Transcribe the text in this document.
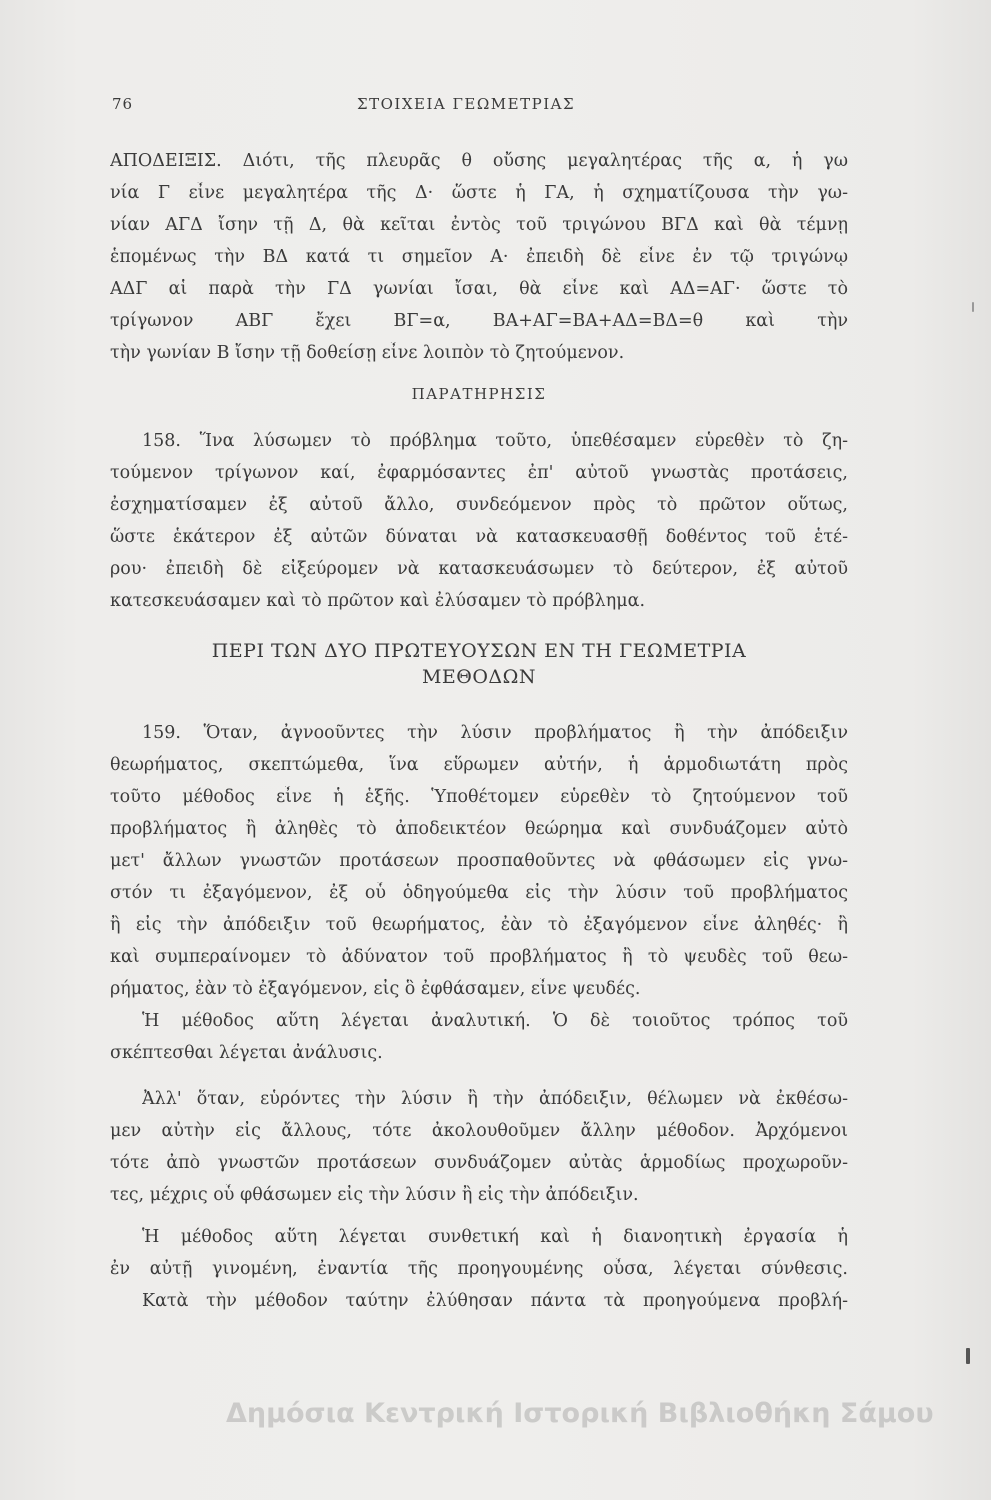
76	ΣΤΟΙΧΕΙΑ ΓΕΩΜΕΤΡΙΑΣ
ΑΠΟΔΕΙΞΙΣ. Διότι, τῆς πλευρᾶς θ οὔσης μεγαλητέρας τῆς α, ἡ γω
νία Γ εἶνε μεγαλητέρα τῆς Δ· ὥστε ἡ ΓΑ, ἡ σχηματίζουσα τὴν γω-
νίαν ΑΓΔ ἴσην τῇ Δ, θὰ κεῖται ἐντὸς τοῦ τριγώνου ΒΓΔ καὶ θὰ τέμνῃ
ἑπομένως τὴν ΒΔ κατά τι σημεῖον Α· ἐπειδὴ δὲ εἶνε ἐν τῷ τριγώνῳ
ΑΔΓ αἱ παρὰ τὴν ΓΔ γωνίαι ἴσαι, θὰ εἶνε καὶ ΑΔ=ΑΓ· ὥστε τὸ
τρίγωνον ΑΒΓ ἔχει ΒΓ=α, ΒΑ+ΑΓ=ΒΑ+ΑΔ=ΒΔ=θ καὶ τὴν
τὴν γωνίαν Β ἴσην τῇ δοθείσῃ εἶνε λοιπὸν τὸ ζητούμενον.
ΠΑΡΑΤΗΡΗΣΙΣ
158. Ἵνα λύσωμεν τὸ πρόβλημα τοῦτο, ὑπεθέσαμεν εὑρεθὲν τὸ ζη-
τούμενον τρίγωνον καί, ἐφαρμόσαντες ἐπ' αὐτοῦ γνωστὰς προτάσεις,
ἐσχηματίσαμεν ἐξ αὐτοῦ ἄλλο, συνδεόμενον πρὸς τὸ πρῶτον οὕτως,
ὥστε ἑκάτερον ἐξ αὐτῶν δύναται νὰ κατασκευασθῇ δοθέντος τοῦ ἑτέ-
ρου· ἐπειδὴ δὲ εἰξεύρομεν νὰ κατασκευάσωμεν τὸ δεύτερον, ἐξ αὐτοῦ
κατεσκευάσαμεν καὶ τὸ πρῶτον καὶ ἐλύσαμεν τὸ πρόβλημα.
ΠΕΡΙ ΤΩΝ ΔΥΟ ΠΡΩΤΕΥΟΥΣΩΝ ΕΝ ΤΗ ΓΕΩΜΕΤΡΙΑ
ΜΕΘΟΔΩΝ
159. Ὅταν, ἀγνοοῦντες τὴν λύσιν προβλήματος ἢ τὴν ἀπόδειξιν
θεωρήματος, σκεπτώμεθα, ἵνα εὕρωμεν αὐτήν, ἡ ἁρμοδιωτάτη πρὸς
τοῦτο μέθοδος εἶνε ἡ ἑξῆς. Ὑποθέτομεν εὑρεθὲν τὸ ζητούμενον τοῦ
προβλήματος ἢ ἀληθὲς τὸ ἀποδεικτέον θεώρημα καὶ συνδυάζομεν αὐτὸ
μετ' ἄλλων γνωστῶν προτάσεων προσπαθοῦντες νὰ φθάσωμεν εἰς γνω-
στόν τι ἐξαγόμενον, ἐξ οὗ ὁδηγούμεθα εἰς τὴν λύσιν τοῦ προβλήματος
ἢ εἰς τὴν ἀπόδειξιν τοῦ θεωρήματος, ἐὰν τὸ ἐξαγόμενον εἶνε ἀληθές· ἢ
καὶ συμπεραίνομεν τὸ ἀδύνατον τοῦ προβλήματος ἢ τὸ ψευδὲς τοῦ θεω-
ρήματος, ἐὰν τὸ ἐξαγόμενον, εἰς ὃ ἐφθάσαμεν, εἶνε ψευδές.
Ἡ μέθοδος αὕτη λέγεται ἀναλυτική. Ὁ δὲ τοιοῦτος τρόπος τοῦ
σκέπτεσθαι λέγεται ἀνάλυσις.
Ἀλλ' ὅταν, εὑρόντες τὴν λύσιν ἢ τὴν ἀπόδειξιν, θέλωμεν νὰ ἐκθέσω-
μεν αὐτὴν εἰς ἄλλους, τότε ἀκολουθοῦμεν ἄλλην μέθοδον. Ἀρχόμενοι
τότε ἀπὸ γνωστῶν προτάσεων συνδυάζομεν αὐτὰς ἁρμοδίως προχωροῦν-
τες, μέχρις οὗ φθάσωμεν εἰς τὴν λύσιν ἢ εἰς τὴν ἀπόδειξιν.
Ἡ μέθοδος αὕτη λέγεται συνθετική καὶ ἡ διανοητικὴ ἐργασία ἡ
ἐν αὐτῇ γινομένη, ἐναντία τῆς προηγουμένης οὖσα, λέγεται σύνθεσις.
Κατὰ τὴν μέθοδον ταύτην ἐλύθησαν πάντα τὰ προηγούμενα προβλή-
Δημόσια Κεντρική Ιστορική Βιβλιοθήκη Σάμου
